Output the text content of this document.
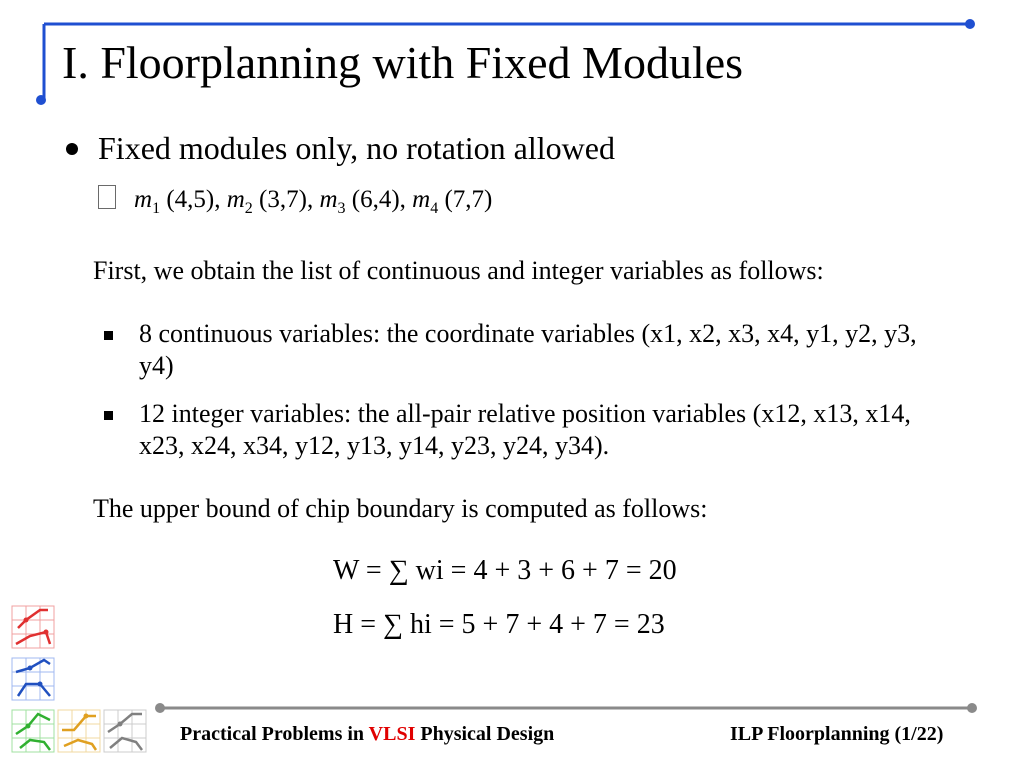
I. Floorplanning with Fixed Modules
Fixed modules only, no rotation allowed
$m_1$ (4,5), $m_2$ (3,7), $m_3$ (6,4), $m_4$ (7,7)
First, we obtain the list of continuous and integer variables as follows:
8 continuous variables: the coordinate variables (x1, x2, x3, x4, y1, y2, y3, y4)
12 integer variables: the all-pair relative position variables (x12, x13, x14, x23, x24, x34, y12, y13, y14, y23, y24, y34).
The upper bound of chip boundary is computed as follows:
W = ∑ wi = 4 + 3 + 6 + 7 = 20
H = ∑ hi = 5 + 7 + 4 + 7 = 23
Practical Problems in VLSI Physical Design	ILP Floorplanning (1/22)
